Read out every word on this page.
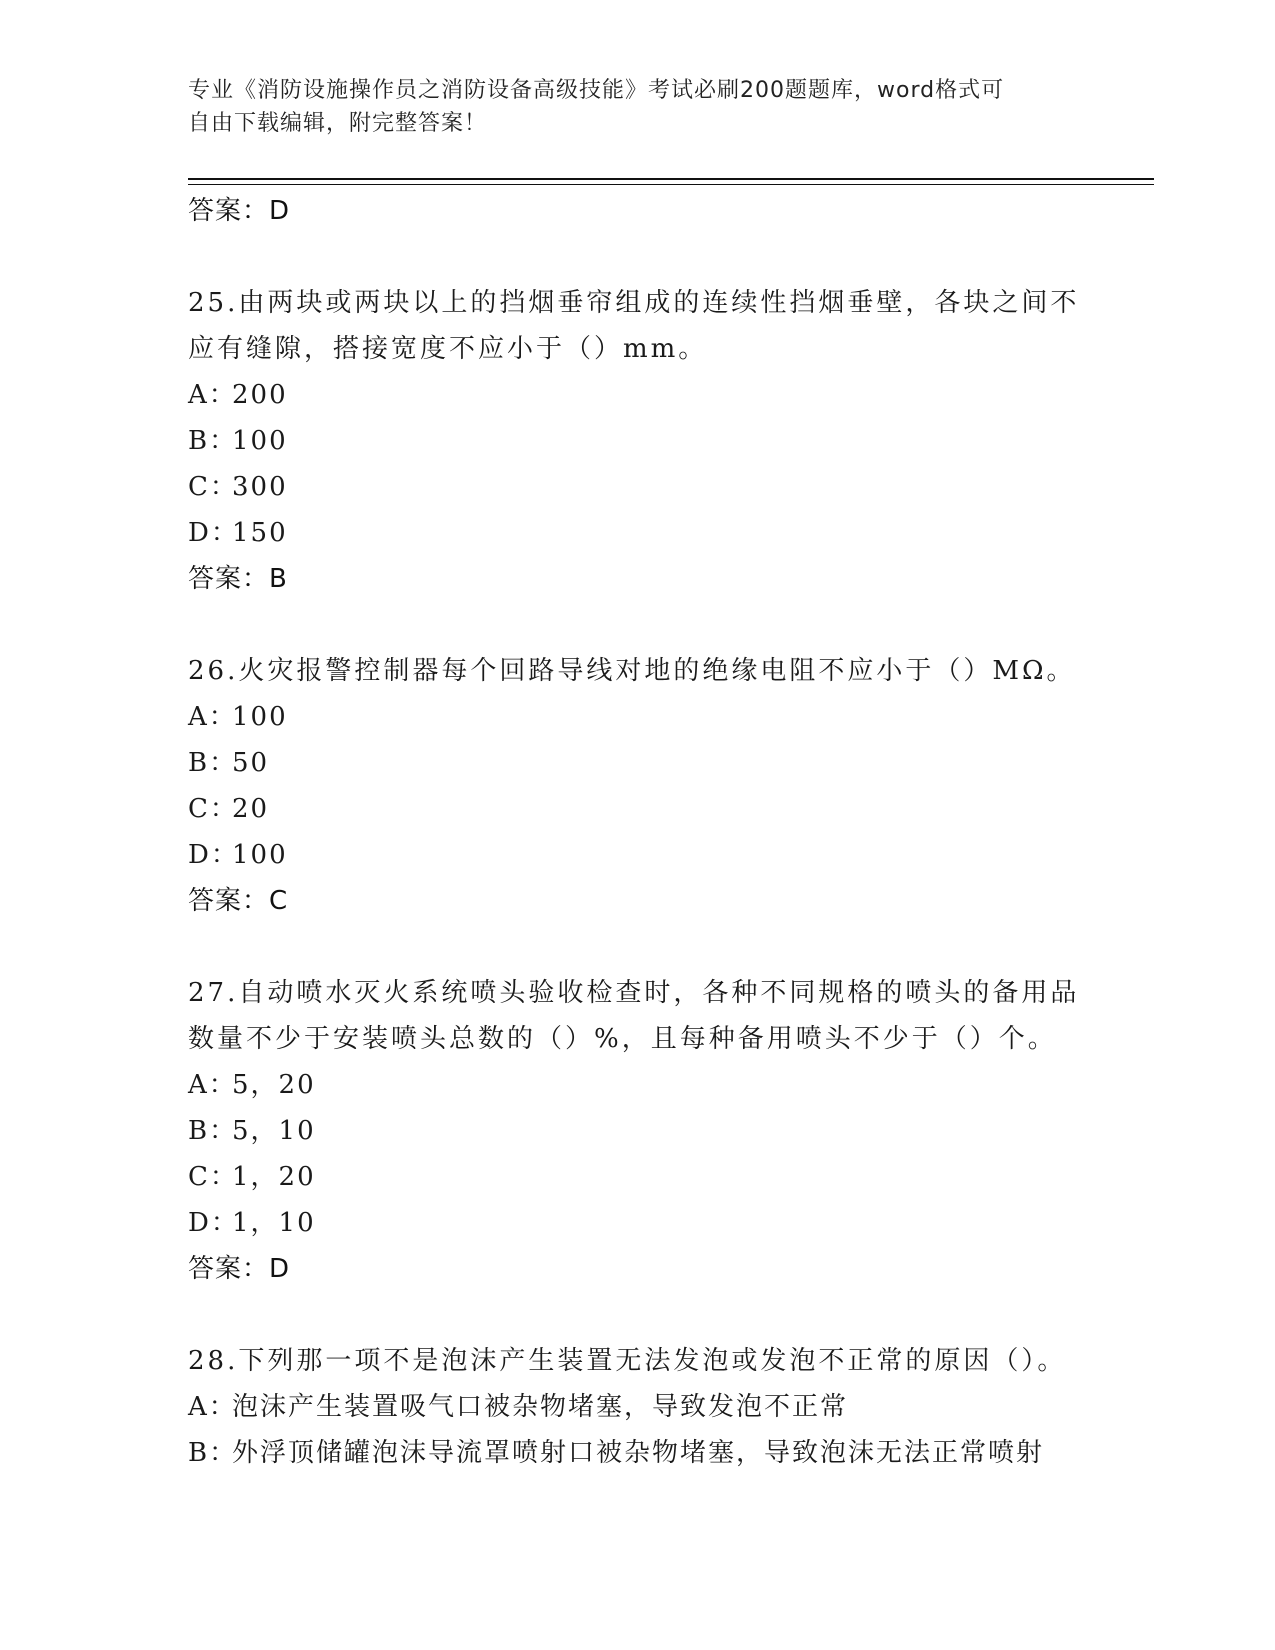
专业《消防设施操作员之消防设备高级技能》考试必刷200题题库，word格式可
自由下载编辑，附完整答案！
答案：D
25.由两块或两块以上的挡烟垂帘组成的连续性挡烟垂壁，各块之间不应有缝隙，搭接宽度不应小于（）mm。
A：200
B：100
C：300
D：150
答案：B
26.火灾报警控制器每个回路导线对地的绝缘电阻不应小于（）MΩ。
A：100
B：50
C：20
D：100
答案：C
27.自动喷水灭火系统喷头验收检查时，各种不同规格的喷头的备用品数量不少于安装喷头总数的（）%，且每种备用喷头不少于（）个。
A：5，20
B：5，10
C：1，20
D：1，10
答案：D
28.下列那一项不是泡沫产生装置无法发泡或发泡不正常的原因（）。
A：泡沫产生装置吸气口被杂物堵塞，导致发泡不正常
B：外浮顶储罐泡沫导流罩喷射口被杂物堵塞，导致泡沫无法正常喷射
